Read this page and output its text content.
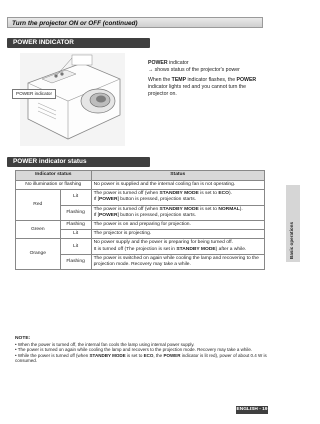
Turn the projector ON or OFF (continued)
POWER INDICATOR
POWER indicator
POWER indicator
→ shows status of the projector's power
When the TEMP indicator flashes, the POWER indicator lights red and you cannot turn the projector on.
POWER indicator status
Indicator status		Status
No illumination or flashing		No power is supplied and the internal cooling fan is not operating.
Red	Lit	The power is turned off (when STANDBY MODE is set to ECO).
If [POWER] button is pressed, projection starts.
	Flashing	The power is turned off (when STANDBY MODE is set to NORMAL).
If [POWER] button is pressed, projection starts.
Green	Flashing	The power is on and preparing for projection.
	Lit	The projector is projecting.
Orange	Lit	No power supply and the power is preparing for being turned off.
It is turned off (The projection is set in STANDBY MODE) after a while.
	Flashing	The power is switched on again while cooling the lamp and recovering to the projection mode. Recovery may take a while.
NOTE:
• When the power is turned off, the internal fan cools the lamp using internal power supply.
• The power is turned on again while cooling the lamp and recovers to the projection mode. Recovery may take a while.
• While the power is turned off (when STANDBY MODE is set to ECO, the POWER indicator is lit red), power of about 0.4 W is consumed.
Basic operations
ENGLISH - 19
